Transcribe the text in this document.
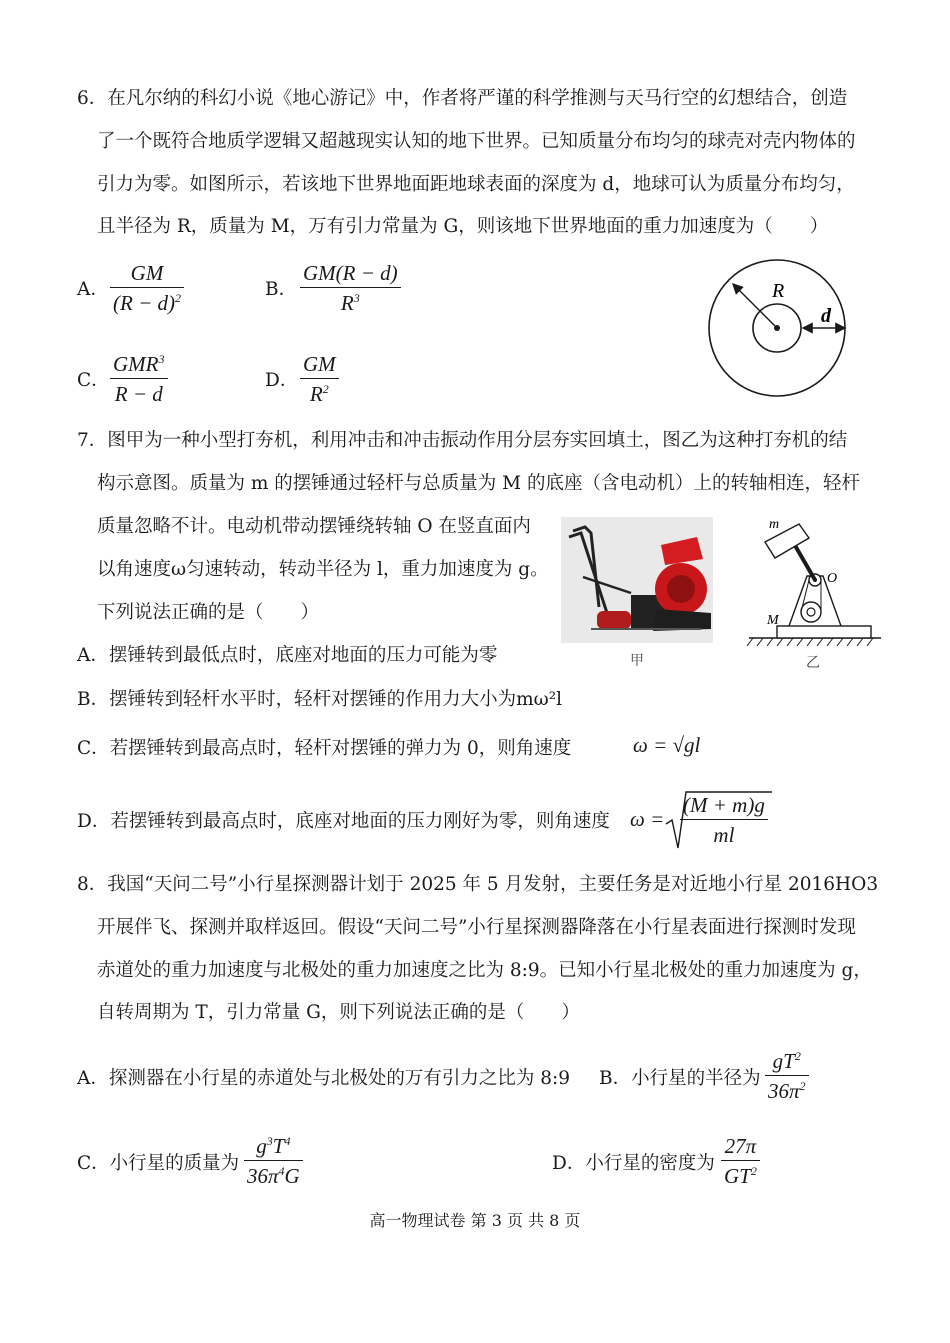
6．在凡尔纳的科幻小说《地心游记》中，作者将严谨的科学推测与天马行空的幻想结合，创造
了一个既符合地质学逻辑又超越现实认知的地下世界。已知质量分布均匀的球壳对壳内物体的
引力为零。如图所示，若该地下世界地面距地球表面的深度为 d，地球可认为质量分布均匀，
且半径为 R，质量为 M，万有引力常量为 G，则该地下世界地面的重力加速度为（　　）
A．
GM
$(R - d)^2$	B．
GM(R − d)
$R^3$
C．
GMR$^3$
R − d
D．
GM
$R^2$
R
d
7．图甲为一种小型打夯机，利用冲击和冲击振动作用分层夯实回填土，图乙为这种打夯机的结
构示意图。质量为 m 的摆锤通过轻杆与总质量为 M 的底座（含电动机）上的转轴相连，轻杆
质量忽略不计。电动机带动摆锤绕转轴 O 在竖直面内
以角速度ω匀速转动，转动半径为 l，重力加速度为 g。
下列说法正确的是（　　）
甲
m
O
M
乙
A．摆锤转到最低点时，底座对地面的压力可能为零
B．摆锤转到轻杆水平时，轻杆对摆锤的作用力大小为mω²l
C．若摆锤转到最高点时，轻杆对摆锤的弹力为 0，则角速度	ω = √gl
D．若摆锤转到最高点时，底座对地面的压力刚好为零，则角速度 ω =
(M + m)g
ml
8．我国“天问二号”小行星探测器计划于 2025 年 5 月发射，主要任务是对近地小行星 2016HO3
开展伴飞、探测并取样返回。假设“天问二号”小行星探测器降落在小行星表面进行探测时发现
赤道处的重力加速度与北极处的重力加速度之比为 8:9。已知小行星北极处的重力加速度为 g，
自转周期为 T，引力常量 G，则下列说法正确的是（　　）
A．探测器在小行星的赤道处与北极处的万有引力之比为 8:9 B．小行星的半径为
$gT^2$
$36\pi^2$
C．小行星的质量为
$g^3T^4$
$36\pi^4G$
D．小行星的密度为
27π
$GT^2$
高一物理试卷 第 3 页 共 8 页
